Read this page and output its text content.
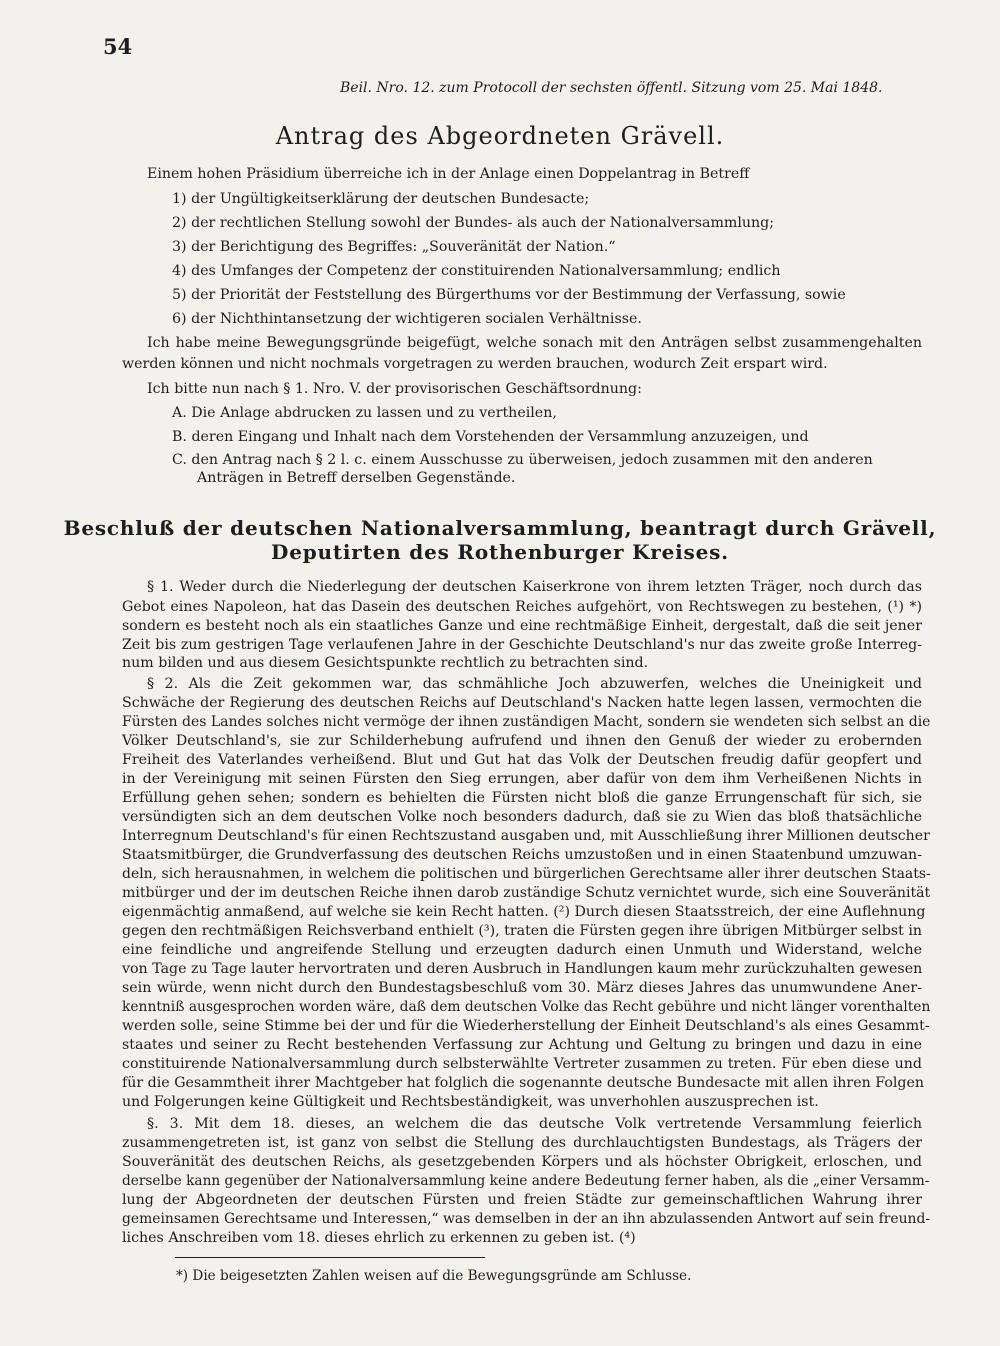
54
Beil. Nro. 12. zum Protocoll der sechsten öffentl. Sitzung vom 25. Mai 1848.
Antrag des Abgeordneten Grävell.
Einem hohen Präsidium überreiche ich in der Anlage einen Doppelantrag in Betreff
1) der Ungültigkeitserklärung der deutschen Bundesacte;
2) der rechtlichen Stellung sowohl der Bundes- als auch der Nationalversammlung;
3) der Berichtigung des Begriffes: „Souveränität der Nation.“
4) des Umfanges der Competenz der constituirenden Nationalversammlung; endlich
5) der Priorität der Feststellung des Bürgerthums vor der Bestimmung der Verfassung, sowie
6) der Nichthintansetzung der wichtigeren socialen Verhältnisse.
Ich habe meine Bewegungsgründe beigefügt, welche sonach mit den Anträgen selbst zusammengehalten
werden können und nicht nochmals vorgetragen zu werden brauchen, wodurch Zeit erspart wird.
Ich bitte nun nach § 1. Nro. V. der provisorischen Geschäftsordnung:
A. Die Anlage abdrucken zu lassen und zu vertheilen,
B. deren Eingang und Inhalt nach dem Vorstehenden der Versammlung anzuzeigen, und
C. den Antrag nach § 2 l. c. einem Ausschusse zu überweisen, jedoch zusammen mit den anderen
Anträgen in Betreff derselben Gegenstände.
Beschluß der deutschen Nationalversammlung, beantragt durch Grävell,
Deputirten des Rothenburger Kreises.
§ 1. Weder durch die Niederlegung der deutschen Kaiserkrone von ihrem letzten Träger, noch durch das
Gebot eines Napoleon, hat das Dasein des deutschen Reiches aufgehört, von Rechtswegen zu bestehen, (¹) *)
sondern es besteht noch als ein staatliches Ganze und eine rechtmäßige Einheit, dergestalt, daß die seit jener
Zeit bis zum gestrigen Tage verlaufenen Jahre in der Geschichte Deutschland's nur das zweite große Interreg-
num bilden und aus diesem Gesichtspunkte rechtlich zu betrachten sind.
§ 2. Als die Zeit gekommen war, das schmähliche Joch abzuwerfen, welches die Uneinigkeit und
Schwäche der Regierung des deutschen Reichs auf Deutschland's Nacken hatte legen lassen, vermochten die
Fürsten des Landes solches nicht vermöge der ihnen zuständigen Macht, sondern sie wendeten sich selbst an die
Völker Deutschland's, sie zur Schilderhebung aufrufend und ihnen den Genuß der wieder zu erobernden
Freiheit des Vaterlandes verheißend. Blut und Gut hat das Volk der Deutschen freudig dafür geopfert und
in der Vereinigung mit seinen Fürsten den Sieg errungen, aber dafür von dem ihm Verheißenen Nichts in
Erfüllung gehen sehen; sondern es behielten die Fürsten nicht bloß die ganze Errungenschaft für sich, sie
versündigten sich an dem deutschen Volke noch besonders dadurch, daß sie zu Wien das bloß thatsächliche
Interregnum Deutschland's für einen Rechtszustand ausgaben und, mit Ausschließung ihrer Millionen deutscher
Staatsmitbürger, die Grundverfassung des deutschen Reichs umzustoßen und in einen Staatenbund umzuwan-
deln, sich herausnahmen, in welchem die politischen und bürgerlichen Gerechtsame aller ihrer deutschen Staats-
mitbürger und der im deutschen Reiche ihnen darob zuständige Schutz vernichtet wurde, sich eine Souveränität
eigenmächtig anmaßend, auf welche sie kein Recht hatten. (²) Durch diesen Staatsstreich, der eine Auflehnung
gegen den rechtmäßigen Reichsverband enthielt (³), traten die Fürsten gegen ihre übrigen Mitbürger selbst in
eine feindliche und angreifende Stellung und erzeugten dadurch einen Unmuth und Widerstand, welche
von Tage zu Tage lauter hervortraten und deren Ausbruch in Handlungen kaum mehr zurückzuhalten gewesen
sein würde, wenn nicht durch den Bundestagsbeschluß vom 30. März dieses Jahres das unumwundene Aner-
kenntniß ausgesprochen worden wäre, daß dem deutschen Volke das Recht gebühre und nicht länger vorenthalten
werden solle, seine Stimme bei der und für die Wiederherstellung der Einheit Deutschland's als eines Gesammt-
staates und seiner zu Recht bestehenden Verfassung zur Achtung und Geltung zu bringen und dazu in eine
constituirende Nationalversammlung durch selbsterwählte Vertreter zusammen zu treten. Für eben diese und
für die Gesammtheit ihrer Machtgeber hat folglich die sogenannte deutsche Bundesacte mit allen ihren Folgen
und Folgerungen keine Gültigkeit und Rechtsbeständigkeit, was unverhohlen auszusprechen ist.
§. 3. Mit dem 18. dieses, an welchem die das deutsche Volk vertretende Versammlung feierlich
zusammengetreten ist, ist ganz von selbst die Stellung des durchlauchtigsten Bundestags, als Trägers der
Souveränität des deutschen Reichs, als gesetzgebenden Körpers und als höchster Obrigkeit, erloschen, und
derselbe kann gegenüber der Nationalversammlung keine andere Bedeutung ferner haben, als die „einer Versamm-
lung der Abgeordneten der deutschen Fürsten und freien Städte zur gemeinschaftlichen Wahrung ihrer
gemeinsamen Gerechtsame und Interessen,“ was demselben in der an ihn abzulassenden Antwort auf sein freund-
liches Anschreiben vom 18. dieses ehrlich zu erkennen zu geben ist. (⁴)
*) Die beigesetzten Zahlen weisen auf die Bewegungsgründe am Schlusse.
